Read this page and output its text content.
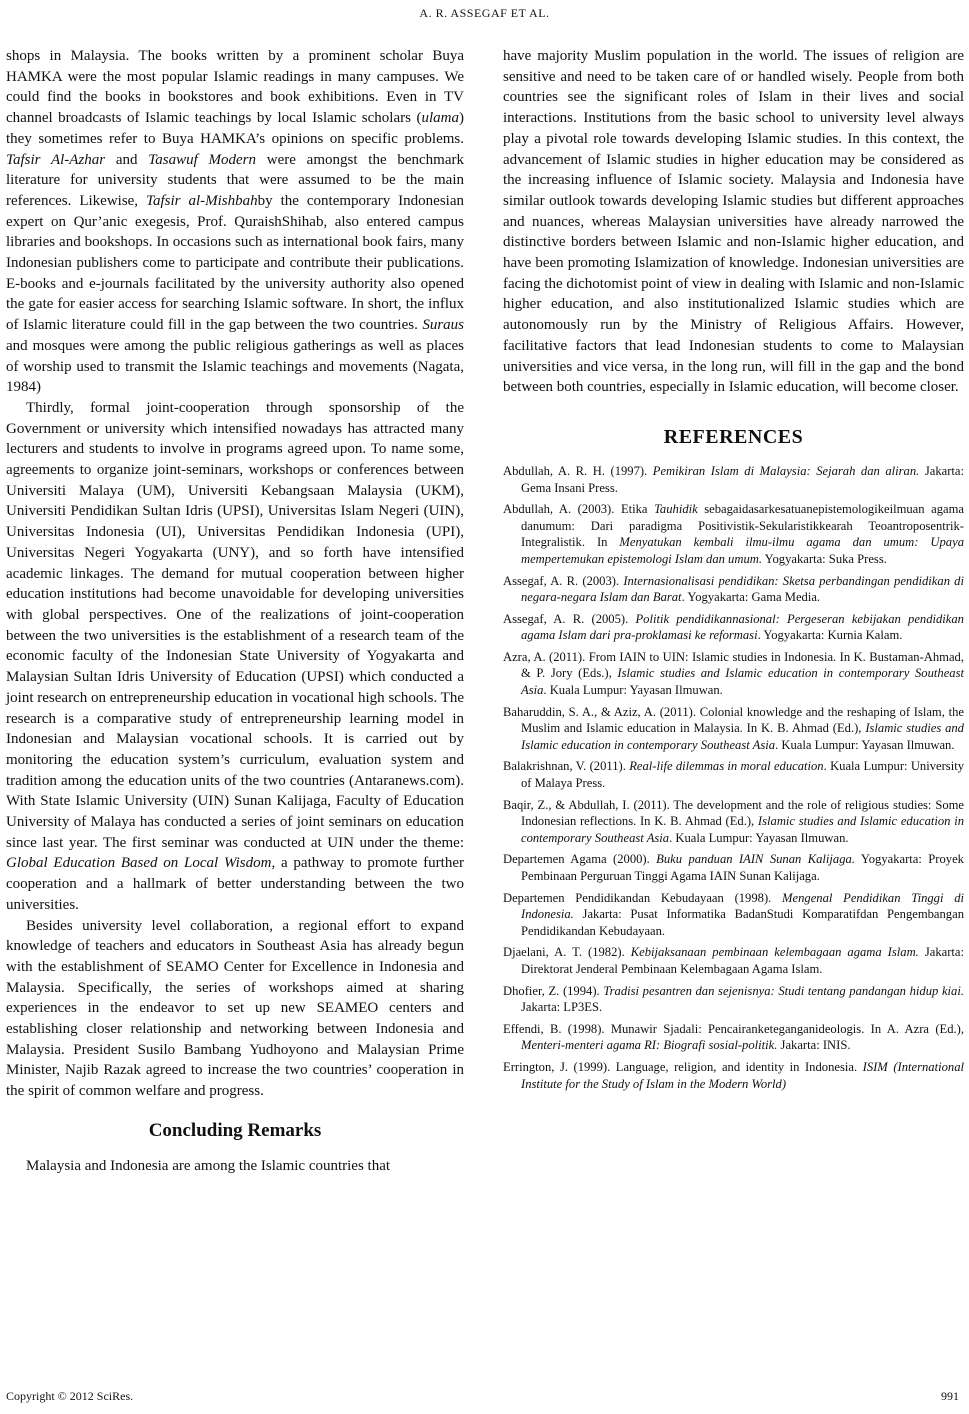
A. R. ASSEGAF ET AL.

shops in Malaysia. The books written by a prominent scholar Buya HAMKA were the most popular Islamic readings in many campuses. We could find the books in bookstores and book exhibitions. Even in TV channel broadcasts of Islamic teachings by local Islamic scholars (ulama) they sometimes refer to Buya HAMKA’s opinions on specific problems. Tafsir Al-Azhar and Tasawuf Modern were amongst the benchmark literature for university students that were assumed to be the main references. Likewise, Tafsir al-Mishbahby the contemporary Indonesian expert on Qur’anic exegesis, Prof. QuraishShihab, also entered campus libraries and bookshops. In occasions such as international book fairs, many Indonesian publishers come to participate and contribute their publications. E-books and e-journals facilitated by the university authority also opened the gate for easier access for searching Islamic software. In short, the influx of Islamic literature could fill in the gap between the two countries. Suraus and mosques were among the public religious gatherings as well as places of worship used to transmit the Islamic teachings and movements (Nagata, 1984)

Thirdly, formal joint-cooperation through sponsorship of the Government or university which intensified nowadays has attracted many lecturers and students to involve in programs agreed upon. To name some, agreements to organize joint-seminars, workshops or conferences between Universiti Malaya (UM), Universiti Kebangsaan Malaysia (UKM), Universiti Pendidikan Sultan Idris (UPSI), Universitas Islam Negeri (UIN), Universitas Indonesia (UI), Universitas Pendidikan Indonesia (UPI), Universitas Negeri Yogyakarta (UNY), and so forth have intensified academic linkages. The demand for mutual cooperation between higher education institutions had become unavoidable for developing universities with global perspectives. One of the realizations of joint-cooperation between the two universities is the establishment of a research team of the economic faculty of the Indonesian State University of Yogyakarta and Malaysian Sultan Idris University of Education (UPSI) which conducted a joint research on entrepreneurship education in vocational high schools. The research is a comparative study of entrepreneurship learning model in Indonesian and Malaysian vocational schools. It is carried out by monitoring the education system’s curriculum, evaluation system and tradition among the education units of the two countries (Antaranews.com). With State Islamic University (UIN) Sunan Kalijaga, Faculty of Education University of Malaya has conducted a series of joint seminars on education since last year. The first seminar was conducted at UIN under the theme: Global Education Based on Local Wisdom, a pathway to promote further cooperation and a hallmark of better understanding between the two universities.

Besides university level collaboration, a regional effort to expand knowledge of teachers and educators in Southeast Asia has already begun with the establishment of SEAMO Center for Excellence in Indonesia and Malaysia. Specifically, the series of workshops aimed at sharing experiences in the endeavor to set up new SEAMEO centers and establishing closer relationship and networking between Indonesia and Malaysia. President Susilo Bambang Yudhoyono and Malaysian Prime Minister, Najib Razak agreed to increase the two countries’ cooperation in the spirit of common welfare and progress.

Concluding Remarks

Malaysia and Indonesia are among the Islamic countries that

have majority Muslim population in the world. The issues of religion are sensitive and need to be taken care of or handled wisely. People from both countries see the significant roles of Islam in their lives and social interactions. Institutions from the basic school to university level always play a pivotal role towards developing Islamic studies. In this context, the advancement of Islamic studies in higher education may be considered as the increasing influence of Islamic society. Malaysia and Indonesia have similar outlook towards developing Islamic studies but different approaches and nuances, whereas Malaysian universities have already narrowed the distinctive borders between Islamic and non-Islamic higher education, and have been promoting Islamization of knowledge. Indonesian universities are facing the dichotomist point of view in dealing with Islamic and non-Islamic higher education, and also institutionalized Islamic studies which are autonomously run by the Ministry of Religious Affairs. However, facilitative factors that lead Indonesian students to come to Malaysian universities and vice versa, in the long run, will fill in the gap and the bond between both countries, especially in Islamic education, will become closer.

REFERENCES

Abdullah, A. R. H. (1997). Pemikiran Islam di Malaysia: Sejarah dan aliran. Jakarta: Gema Insani Press.

Abdullah, A. (2003). Etika Tauhidik sebagaidasarkesatuanepistemologikeilmuan agama danumum: Dari paradigma Positivistik-Sekularistikkearah Teoantroposentrik-Integralistik. In Menyatukan kembali ilmu-ilmu agama dan umum: Upaya mempertemukan epistemologi Islam dan umum. Yogyakarta: Suka Press.

Assegaf, A. R. (2003). Internasionalisasi pendidikan: Sketsa perbandingan pendidikan di negara-negara Islam dan Barat. Yogyakarta: Gama Media.

Assegaf, A. R. (2005). Politik pendidikannasional: Pergeseran kebijakan pendidikan agama Islam dari pra-proklamasi ke reformasi. Yogyakarta: Kurnia Kalam.

Azra, A. (2011). From IAIN to UIN: Islamic studies in Indonesia. In K. Bustaman-Ahmad, & P. Jory (Eds.), Islamic studies and Islamic education in contemporary Southeast Asia. Kuala Lumpur: Yayasan Ilmuwan.

Baharuddin, S. A., & Aziz, A. (2011). Colonial knowledge and the reshaping of Islam, the Muslim and Islamic education in Malaysia. In K. B. Ahmad (Ed.), Islamic studies and Islamic education in contemporary Southeast Asia. Kuala Lumpur: Yayasan Ilmuwan.

Balakrishnan, V. (2011). Real-life dilemmas in moral education. Kuala Lumpur: University of Malaya Press.

Baqir, Z., & Abdullah, I. (2011). The development and the role of religious studies: Some Indonesian reflections. In K. B. Ahmad (Ed.), Islamic studies and Islamic education in contemporary Southeast Asia. Kuala Lumpur: Yayasan Ilmuwan.

Departemen Agama (2000). Buku panduan IAIN Sunan Kalijaga. Yogyakarta: Proyek Pembinaan Perguruan Tinggi Agama IAIN Sunan Kalijaga.

Departemen Pendidikandan Kebudayaan (1998). Mengenal Pendidikan Tinggi di Indonesia. Jakarta: Pusat Informatika BadanStudi Komparatifdan Pengembangan Pendidikandan Kebudayaan.

Djaelani, A. T. (1982). Kebijaksanaan pembinaan kelembagaan agama Islam. Jakarta: Direktorat Jenderal Pembinaan Kelembagaan Agama Islam.

Dhofier, Z. (1994). Tradisi pesantren dan sejenisnya: Studi tentang pandangan hidup kiai. Jakarta: LP3ES.

Effendi, B. (1998). Munawir Sjadali: Pencairanketeganganideologis. In A. Azra (Ed.), Menteri-menteri agama RI: Biografi sosial-politik. Jakarta: INIS.

Errington, J. (1999). Language, religion, and identity in Indonesia. ISIM (International Institute for the Study of Islam in the Modern World)

Copyright © 2012 SciRes.	991
